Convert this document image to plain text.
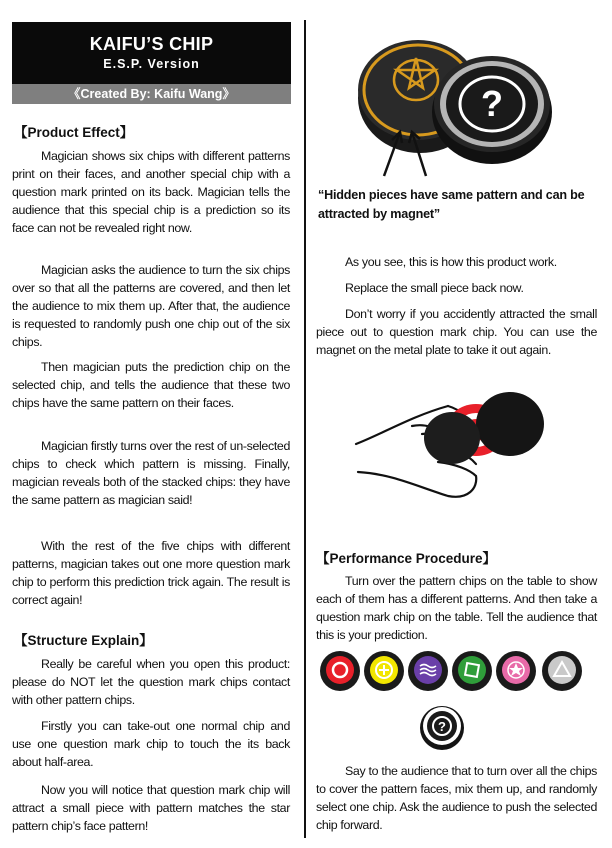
KAIFU’S CHIP
E.S.P. Version
《Created By: Kaifu Wang》
【Product Effect】
Magician shows six chips with different patterns print on their faces, and another special chip with a question mark printed on its back. Magician tells the audience that this special chip is a prediction so its face can not be revealed right now.
Magician asks the audience to turn the six chips over so that all the patterns are covered, and then let the audience to mix them up. After that, the audience is requested to randomly push one chip out of the six chips.
Then magician puts the prediction chip on the selected chip, and tells the audience that these two chips have the same pattern on their faces.
Magician firstly turns over the rest of un-selected chips to check which pattern is missing. Finally, magician reveals both of the stacked chips: they have the same pattern as magician said!
With the rest of the five chips with different patterns, magician takes out one more question mark chip to perform this prediction trick again. The result is correct again!
【Structure Explain】
Really be careful when you open this product: please do NOT let the question mark chips contact with other pattern chips.
Firstly you can take-out one normal chip and use one question mark chip to touch the its back about half-area.
Now you will notice that question mark chip will attract a small piece with pattern matches the star pattern chip’s face pattern!
?
“Hidden pieces have same pattern and can be attracted by magnet”
As you see, this is how this product work.
Replace the small piece back now.
Don’t worry if you accidently attracted the small piece out to question mark chip. You can use the magnet on the metal plate to take it out again.
【Performance Procedure】
Turn over the pattern chips on the table to show each of them has a different patterns. And then take a question mark chip on the table. Tell the audience that this is your prediction.
?
Say to the audience that to turn over all the chips to cover the pattern faces, mix them up, and randomly select one chip. Ask the audience to push the selected chip forward.
